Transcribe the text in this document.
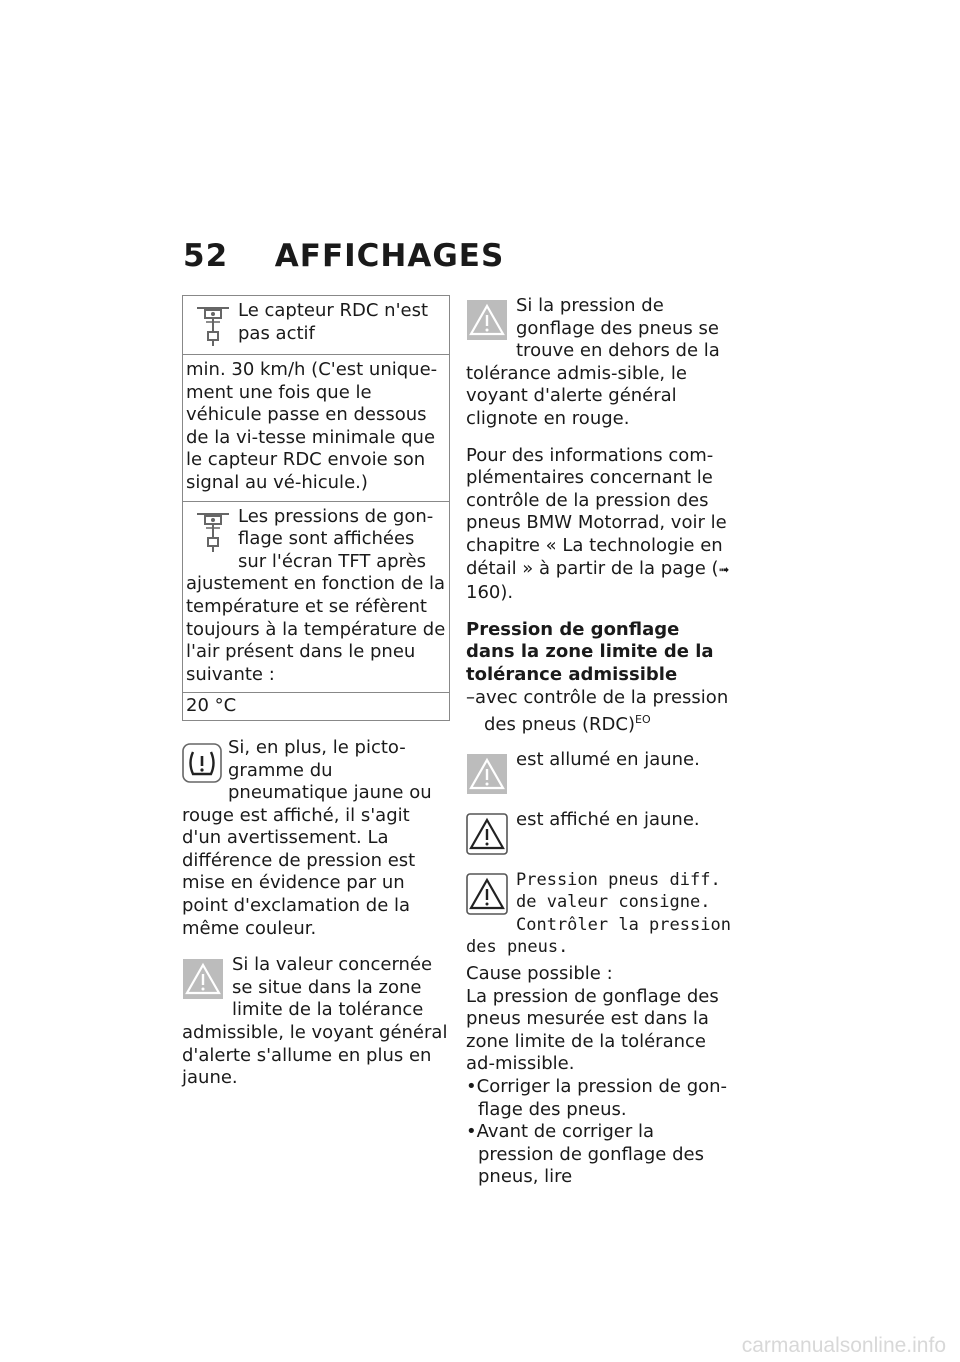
52 AFFICHAGES
Le capteur RDC n'est pas actif
min. 30 km/h (C'est unique-ment une fois que le véhicule passe en dessous de la vi-tesse minimale que le capteur RDC envoie son signal au vé-hicule.)
Les pressions de gon-flage sont affichées sur l'écran TFT après ajustement en fonction de la température et se réfèrent toujours à la température de l'air présent dans le pneu suivante :
20 °C
Si, en plus, le picto-gramme du pneumatique jaune ou rouge est affiché, il s'agit d'un avertissement. La différence de pression est mise en évidence par un point d'exclamation de la même couleur.
Si la valeur concernée se situe dans la zone limite de la tolérance admissible, le voyant général d'alerte s'allume en plus en jaune.
Si la pression de gonflage des pneus se trouve en dehors de la tolérance admis-sible, le voyant d'alerte général clignote en rouge.
Pour des informations com-plémentaires concernant le contrôle de la pression des pneus BMW Motorrad, voir le chapitre « La technologie en détail » à partir de la page (➟ 160).

Pression de gonflage dans la zone limite de la tolérance admissible

–avec contrôle de la pression des pneus (RDC)$^{EO}$

est allumé en jaune.
est affiché en jaune.
Pression pneus diff. de valeur consigne. Contrôler la pression des pneus.

Cause possible :

La pression de gonflage des pneus mesurée est dans la zone limite de la tolérance ad-missible.

•Corriger la pression de gon-flage des pneus.

•Avant de corriger la pression de gonflage des pneus, lire

carmanualsonline.info
